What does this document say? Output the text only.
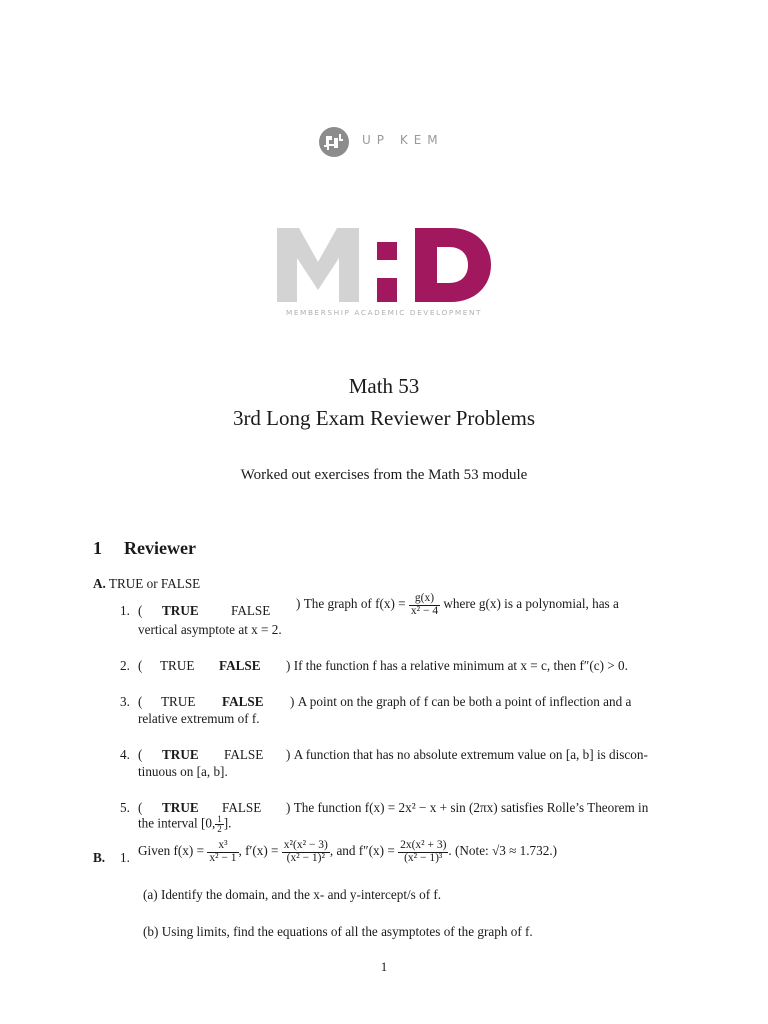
UP KEM
MEMBERSHIP ACADEMIC DEVELOPMENT
Math 53
3rd Long Exam Reviewer Problems
Worked out exercises from the Math 53 module
1 Reviewer
A. TRUE or FALSE
1. ( TRUE FALSE ) The graph of $f(x) = \frac{g(x)}{\text{x² − 4}}$ where g(x) is a polynomial, has a
vertical asymptote at x = 2.
2. ( TRUE FALSE ) If the function f has a relative minimum at x = c, then f″(c) > 0.
3. ( TRUE FALSE ) A point on the graph of f can be both a point of inflection and a
relative extremum of f.
4. ( TRUE FALSE ) A function that has no absolute extremum value on [a, b] is discon-
tinuous on [a, b].
5. ( TRUE FALSE ) The function f(x) = 2x² − x + sin (2πx) satisfies Rolle’s Theorem in
the interval [0, $\frac{1}{2}$ ].
B. 1. Given $f(x) = \frac{\text{x³}}{\text{x² − 1}}$ , $f'(x) = \frac{\text{x²(x² − 3)}}{\text{(x² − 1)²}}$ , and $f''(x) = \frac{\text{2x(x² + 3)}}{\text{(x² − 1)³}}$ . (Note: √3 ≈ 1.732.)
(a) Identify the domain, and the x- and y-intercept/s of f.
(b) Using limits, find the equations of all the asymptotes of the graph of f.
1
